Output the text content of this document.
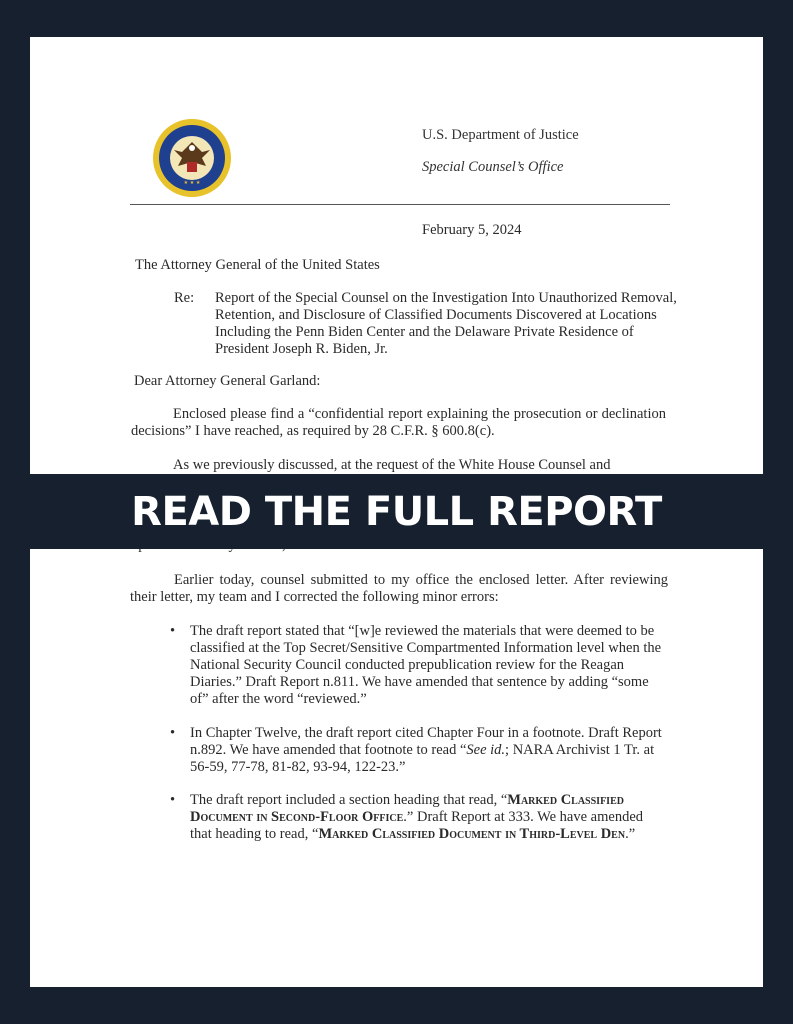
★ ★ ★
U.S. Department of Justice
Special Counsel’s Office
February 5, 2024
The Attorney General of the United States
Re: Report of the Special Counsel on the Investigation Into Unauthorized Removal, Retention, and Disclosure of Classified Documents Discovered at Locations Including the Penn Biden Center and the Delaware Private Residence of President Joseph R. Biden, Jr.
Dear Attorney General Garland:
Enclosed please find a “confidential report explaining the prosecution or declination decisions” I have reached, as required by 28 C.F.R. § 600.8(c).
As we previously discussed, at the request of the White House Counsel and
Earlier today, counsel submitted to my office the enclosed letter. After reviewing their letter, my team and I corrected the following minor errors:
• The draft report stated that “[w]e reviewed the materials that were deemed to be classified at the Top Secret/Sensitive Compartmented Information level when the National Security Council conducted prepublication review for the Reagan Diaries.” Draft Report n.811. We have amended that sentence by adding “some of” after the word “reviewed.”
• In Chapter Twelve, the draft report cited Chapter Four in a footnote. Draft Report n.892. We have amended that footnote to read “See id.; NARA Archivist 1 Tr. at 56-59, 77-78, 81-82, 93-94, 122-23.”
• The draft report included a section heading that read, “Marked Classified Document in Second-Floor Office.” Draft Report at 333. We have amended that heading to read, “Marked Classified Document in Third-Level Den.”
READ THE FULL REPORT
